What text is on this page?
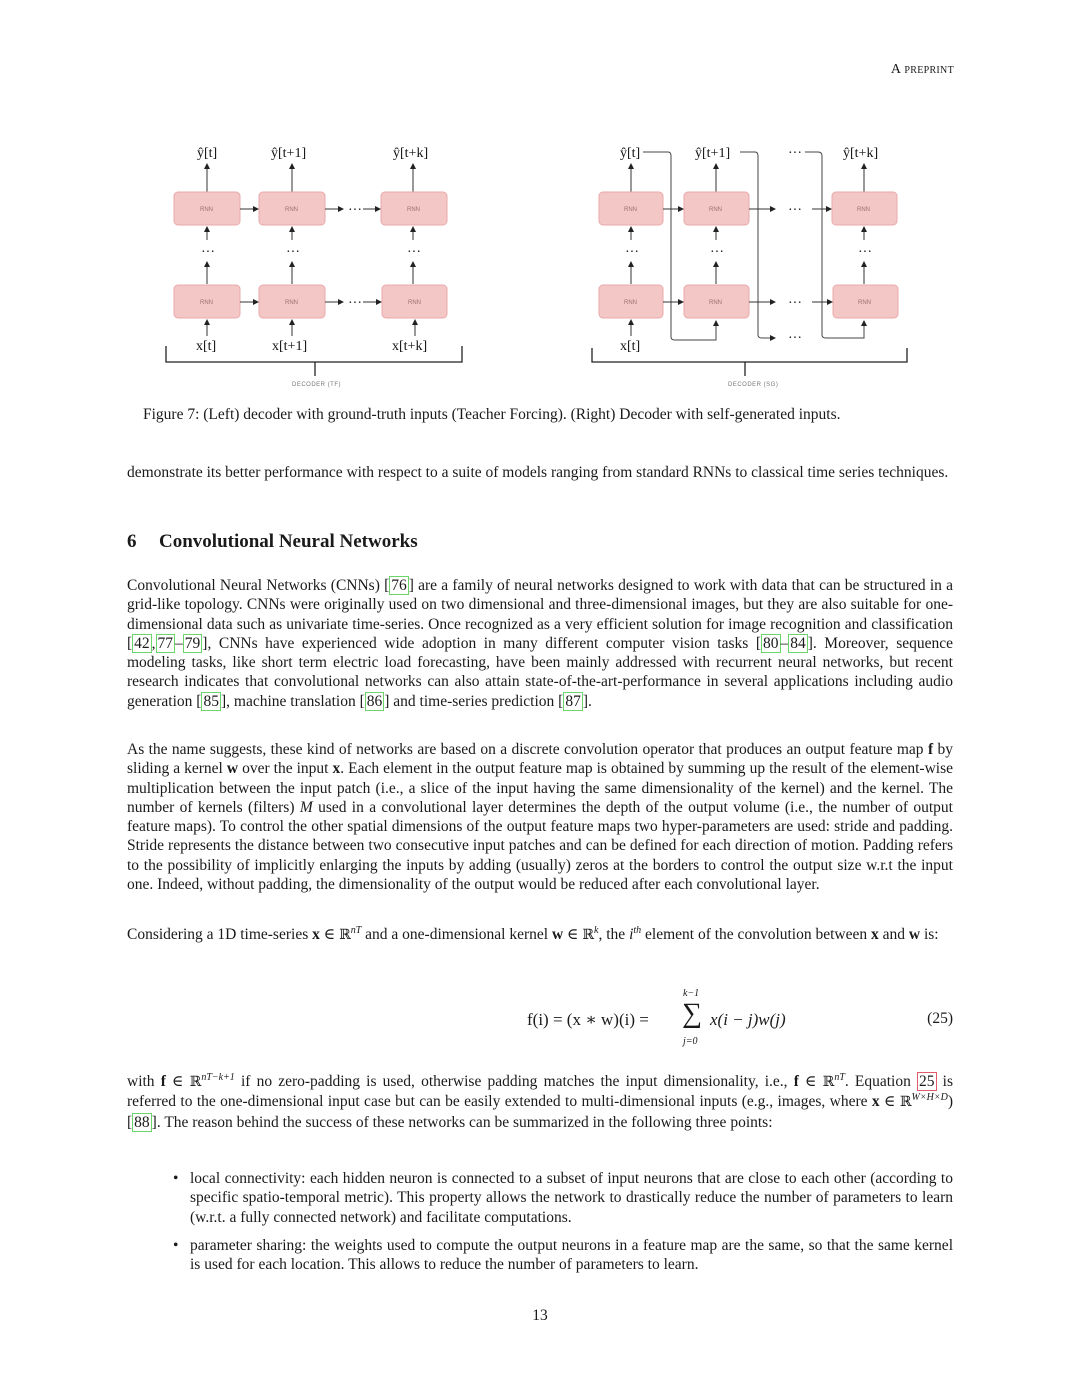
A preprint
ŷ[t]	ŷ[t+1]	ŷ[t+k]
RNN	RNN	RNN
···
···	···	···
RNN	RNN	RNN
···
x[t]	x[t+1]	x[t+k]
DECODER (TF)
ŷ[t]	ŷ[t+1]	ŷ[t+k]
···
···
RNN	RNN	RNN
···
···	···	···
RNN	RNN	RNN
···
x[t]
DECODER (SG)
Figure 7: (Left) decoder with ground-truth inputs (Teacher Forcing). (Right) Decoder with self-generated inputs.
demonstrate its better performance with respect to a suite of models ranging from standard RNNs to classical time series techniques.
6 Convolutional Neural Networks
Convolutional Neural Networks (CNNs) [ 76 ] are a family of neural networks designed to work with data that can be structured in a grid-like topology. CNNs were originally used on two dimensional and three-dimensional images, but they are also suitable for one-dimensional data such as univariate time-series. Once recognized as a very efficient solution for image recognition and classification [ 42 , 77 – 79 ], CNNs have experienced wide adoption in many different computer vision tasks [ 80 – 84 ]. Moreover, sequence modeling tasks, like short term electric load forecasting, have been mainly addressed with recurrent neural networks, but recent research indicates that convolutional networks can also attain state-of-the-art-performance in several applications including audio generation [ 85 ], machine translation [ 86 ] and time-series prediction [ 87 ].
As the name suggests, these kind of networks are based on a discrete convolution operator that produces an output feature map f by sliding a kernel w over the input x. Each element in the output feature map is obtained by summing up the result of the element-wise multiplication between the input patch (i.e., a slice of the input having the same dimensionality of the kernel) and the kernel. The number of kernels (filters) M used in a convolutional layer determines the depth of the output volume (i.e., the number of output feature maps). To control the other spatial dimensions of the output feature maps two hyper-parameters are used: stride and padding. Stride represents the distance between two consecutive input patches and can be defined for each direction of motion. Padding refers to the possibility of implicitly enlarging the inputs by adding (usually) zeros at the borders to control the output size w.r.t the input one. Indeed, without padding, the dimensionality of the output would be reduced after each convolutional layer.
Considering a 1D time-series x ∈ ℝ$^{nT}$ and a one-dimensional kernel w ∈ ℝ$^k$, the $i^{th}$ element of the convolution between x and w is:
f(i) = (x ∗ w)(i) =
k−1
∑
j=0
x(i − j)w(j)	(25)
with f ∈ ℝ$^{nT-k+1}$ if no zero-padding is used, otherwise padding matches the input dimensionality, i.e., f ∈ ℝ$^{nT}$. Equation 25 is referred to the one-dimensional input case but can be easily extended to multi-dimensional inputs (e.g., images, where x ∈ ℝ$^{W\times H\times D}$) [ 88 ]. The reason behind the success of these networks can be summarized in the following three points:
• local connectivity: each hidden neuron is connected to a subset of input neurons that are close to each other (according to specific spatio-temporal metric). This property allows the network to drastically reduce the number of parameters to learn (w.r.t. a fully connected network) and facilitate computations.
• parameter sharing: the weights used to compute the output neurons in a feature map are the same, so that the same kernel is used for each location. This allows to reduce the number of parameters to learn.
13
